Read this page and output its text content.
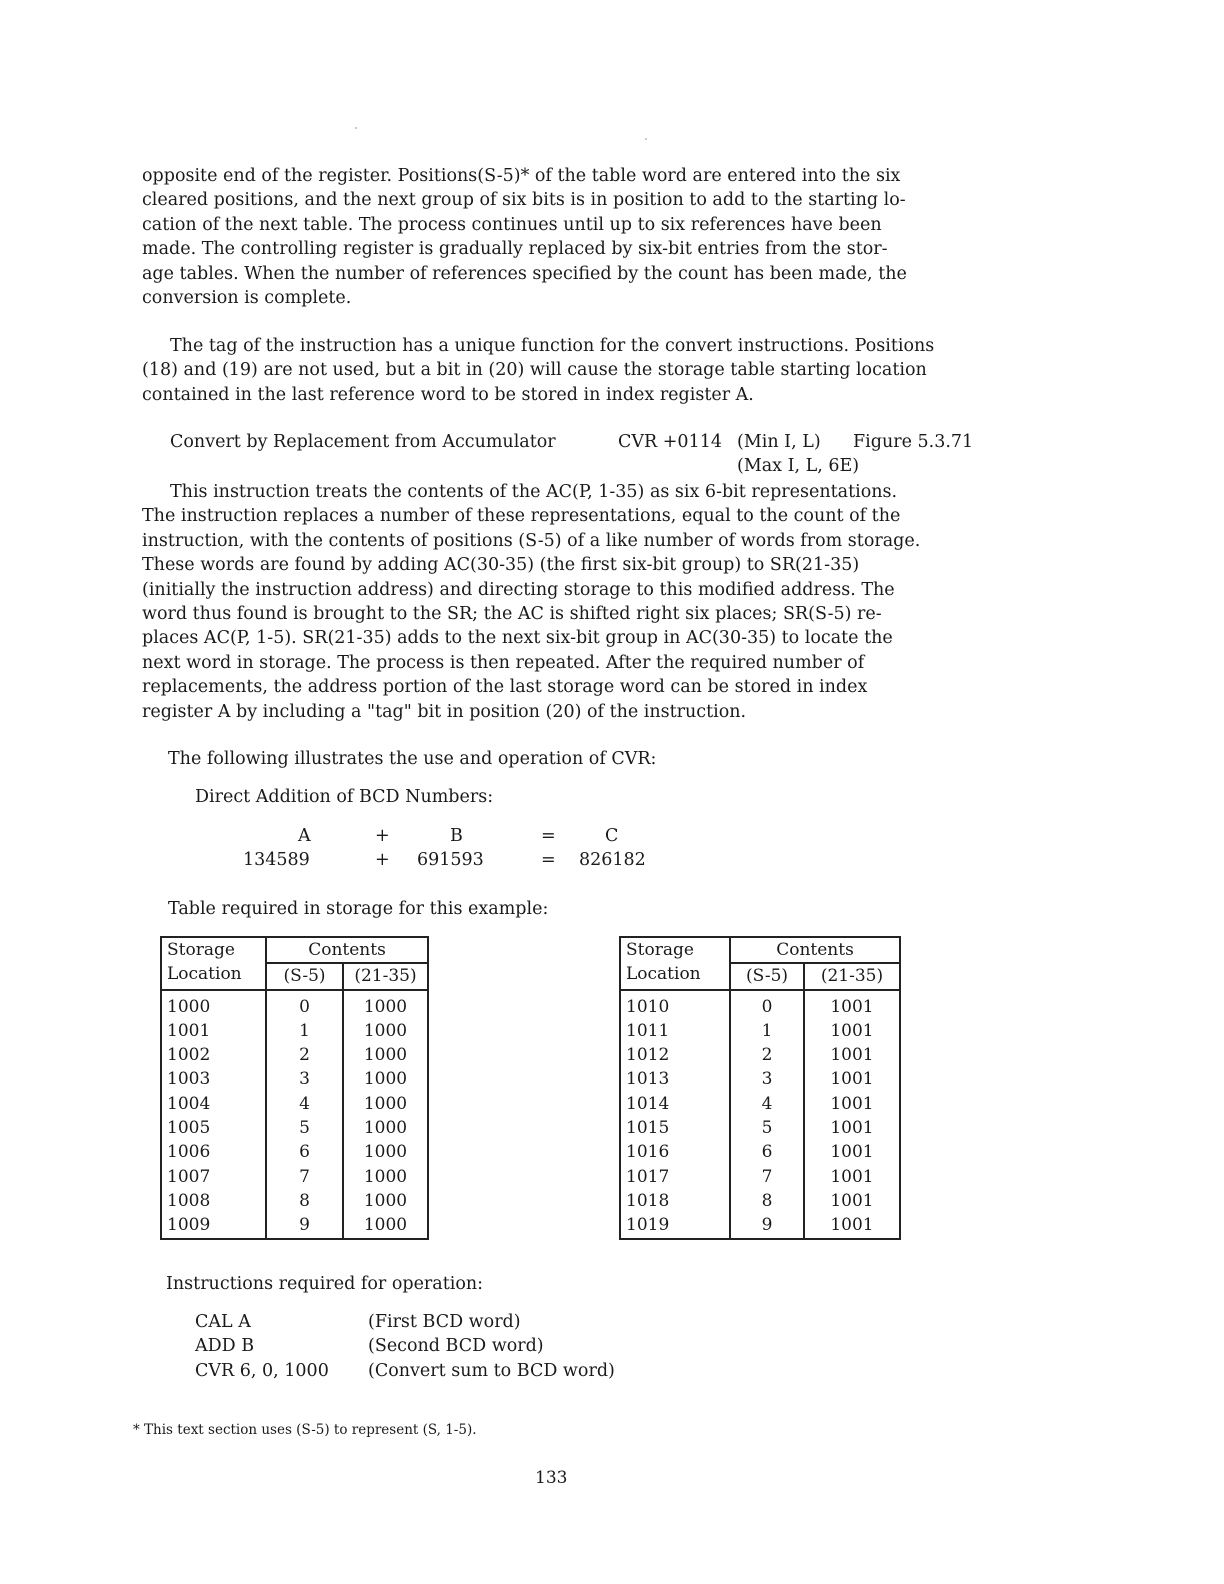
opposite end of the register. Positions(S-5)* of the table word are entered into the six
cleared positions, and the next group of six bits is in position to add to the starting lo-
cation of the next table. The process continues until up to six references have been
made. The controlling register is gradually replaced by six-bit entries from the stor-
age tables. When the number of references specified by the count has been made, the
conversion is complete.
The tag of the instruction has a unique function for the convert instructions. Positions
(18) and (19) are not used, but a bit in (20) will cause the storage table starting location
contained in the last reference word to be stored in index register A.
Convert by Replacement from Accumulator	CVR +0114 (Min I, L) Figure 5.3.71
(Max I, L, 6E)
This instruction treats the contents of the AC(P, 1-35) as six 6-bit representations.
The instruction replaces a number of these representations, equal to the count of the
instruction, with the contents of positions (S-5) of a like number of words from storage.
These words are found by adding AC(30-35) (the first six-bit group) to SR(21-35)
(initially the instruction address) and directing storage to this modified address. The
word thus found is brought to the SR; the AC is shifted right six places; SR(S-5) re-
places AC(P, 1-5). SR(21-35) adds to the next six-bit group in AC(30-35) to locate the
next word in storage. The process is then repeated. After the required number of
replacements, the address portion of the last storage word can be stored in index
register A by including a "tag" bit in position (20) of the instruction.
The following illustrates the use and operation of CVR:
Direct Addition of BCD Numbers:
A	+	B	=	C
134589	+ 691593	= 826182
Table required in storage for this example:
Storage
Location	Contents	
	(S-5)	(21-35)

1000	0	1000
1001	1	1000
1002	2	1000
1003	3	1000
1004	4	1000
1005	5	1000
1006	6	1000
1007	7	1000
1008	8	1000
1009	9	1000
Storage
Location	Contents	
	(S-5)	(21-35)

1010	0	1001
1011	1	1001
1012	2	1001
1013	3	1001
1014	4	1001
1015	5	1001
1016	6	1001
1017	7	1001
1018	8	1001
1019	9	1001
Instructions required for operation:
CAL A	(First BCD word)
ADD B	(Second BCD word)
CVR 6, 0, 1000 (Convert sum to BCD word)
* This text section uses (S-5) to represent (S, 1-5).
133
